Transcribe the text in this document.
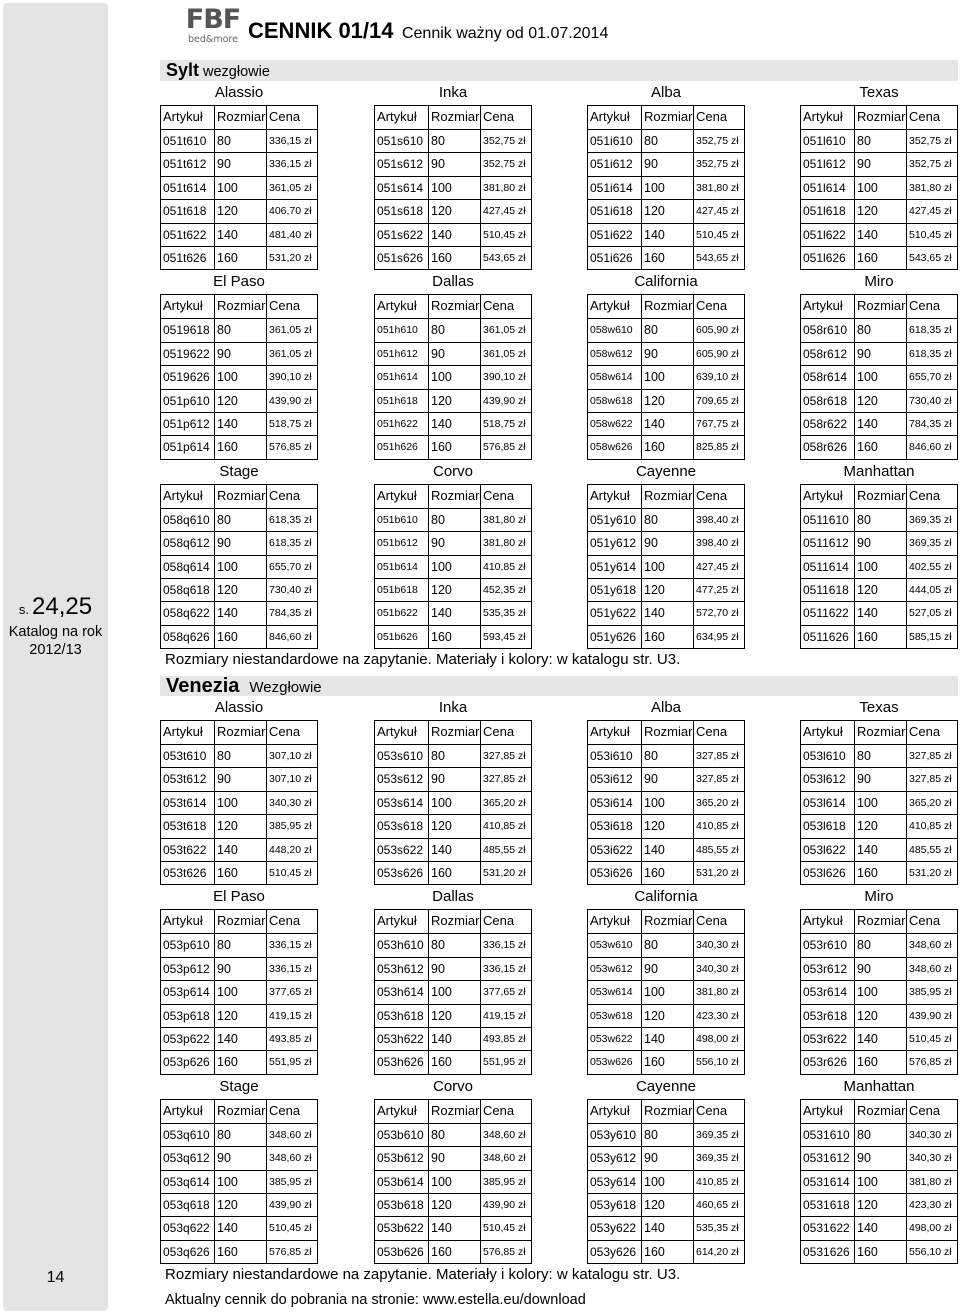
s. 24,25
Katalog na rok
2012/13
14
FBF
bed&more CENNIK 01/14 Cennik ważny od 01.07.2014
Sylt wezgłowie
Alassio
Artykuł	Rozmiar Cena
051t610 80	336,15 zł
051t612 90	336,15 zł
051t614 100	361,05 zł
051t618 120	406,70 zł
051t622 140	481,40 zł
051t626 160	531,20 zł
Inka
Artykuł	Rozmiar Cena
051s610 80	352,75 zł
051s612 90	352,75 zł
051s614 100	381,80 zł
051s618 120	427,45 zł
051s622 140	510,45 zł
051s626 160	543,65 zł
Alba
Artykuł	Rozmiar Cena
051i610 80	352,75 zł
051i612 90	352,75 zł
051i614 100	381,80 zł
051i618 120	427,45 zł
051i622 140	510,45 zł
051i626 160	543,65 zł
Texas
Artykuł	Rozmiar Cena
051l610 80	352,75 zł
051l612 90	352,75 zł
051l614 100	381,80 zł
051l618 120	427,45 zł
051l622 140	510,45 zł
051l626 160	543,65 zł
El Paso
Artykuł	Rozmiar Cena
0519618 80	361,05 zł
0519622 90	361,05 zł
0519626 100	390,10 zł
051p610 120	439,90 zł
051p612 140	518,75 zł
051p614 160	576,85 zł
Dallas
Artykuł	Rozmiar Cena
051h610	80	361,05 zł
051h612	90	361,05 zł
051h614	100	390,10 zł
051h618	120	439,90 zł
051h622	140	518,75 zł
051h626	160	576,85 zł
California
Artykuł	Rozmiar Cena
058w610 80	605,90 zł
058w612 90	605,90 zł
058w614 100	639,10 zł
058w618 120	709,65 zł
058w622 140	767,75 zł
058w626 160	825,85 zł
Miro
Artykuł	Rozmiar Cena
058r610 80	618,35 zł
058r612 90	618,35 zł
058r614 100	655,70 zł
058r618 120	730,40 zł
058r622 140	784,35 zł
058r626 160	846,60 zł
Stage
Artykuł	Rozmiar Cena
058q610 80	618,35 zł
058q612 90	618,35 zł
058q614 100	655,70 zł
058q618 120	730,40 zł
058q622 140	784,35 zł
058q626 160	846,60 zł
Corvo
Artykuł	Rozmiar Cena
051b610	80	381,80 zł
051b612	90	381,80 zł
051b614	100	410,85 zł
051b618	120	452,35 zł
051b622	140	535,35 zł
051b626	160	593,45 zł
Cayenne
Artykuł	Rozmiar Cena
051y610 80	398,40 zł
051y612 90	398,40 zł
051y614 100	427,45 zł
051y618 120	477,25 zł
051y622 140	572,70 zł
051y626 160	634,95 zł
Manhattan
Artykuł	Rozmiar Cena
0511610 80	369,35 zł
0511612 90	369,35 zł
0511614 100	402,55 zł
0511618 120	444,05 zł
0511622 140	527,05 zł
0511626 160	585,15 zł
Rozmiary niestandardowe na zapytanie. Materiały i kolory: w katalogu str. U3.
Venezia Wezgłowie
Alassio
Artykuł	Rozmiar Cena
053t610 80	307,10 zł
053t612 90	307,10 zł
053t614 100	340,30 zł
053t618 120	385,95 zł
053t622 140	448,20 zł
053t626 160	510,45 zł
Inka
Artykuł	Rozmiar Cena
053s610 80	327,85 zł
053s612 90	327,85 zł
053s614 100	365,20 zł
053s618 120	410,85 zł
053s622 140	485,55 zł
053s626 160	531,20 zł
Alba
Artykuł	Rozmiar Cena
053i610 80	327,85 zł
053i612 90	327,85 zł
053i614 100	365,20 zł
053i618 120	410,85 zł
053i622 140	485,55 zł
053i626 160	531,20 zł
Texas
Artykuł	Rozmiar Cena
053l610 80	327,85 zł
053l612 90	327,85 zł
053l614 100	365,20 zł
053l618 120	410,85 zł
053l622 140	485,55 zł
053l626 160	531,20 zł
El Paso
Artykuł	Rozmiar Cena
053p610 80	336,15 zł
053p612 90	336,15 zł
053p614 100	377,65 zł
053p618 120	419,15 zł
053p622 140	493,85 zł
053p626 160	551,95 zł
Dallas
Artykuł	Rozmiar Cena
053h610 80	336,15 zł
053h612 90	336,15 zł
053h614 100	377,65 zł
053h618 120	419,15 zł
053h622 140	493,85 zł
053h626 160	551,95 zł
California
Artykuł	Rozmiar Cena
053w610 80	340,30 zł
053w612 90	340,30 zł
053w614 100	381,80 zł
053w618 120	423,30 zł
053w622 140	498,00 zł
053w626 160	556,10 zł
Miro
Artykuł	Rozmiar Cena
053r610 80	348,60 zł
053r612 90	348,60 zł
053r614 100	385,95 zł
053r618 120	439,90 zł
053r622 140	510,45 zł
053r626 160	576,85 zł
Stage
Artykuł	Rozmiar Cena
053q610 80	348,60 zł
053q612 90	348,60 zł
053q614 100	385,95 zł
053q618 120	439,90 zł
053q622 140	510,45 zł
053q626 160	576,85 zł
Corvo
Artykuł	Rozmiar Cena
053b610 80	348,60 zł
053b612 90	348,60 zł
053b614 100	385,95 zł
053b618 120	439,90 zł
053b622 140	510,45 zł
053b626 160	576,85 zł
Cayenne
Artykuł	Rozmiar Cena
053y610 80	369,35 zł
053y612 90	369,35 zł
053y614 100	410,85 zł
053y618 120	460,65 zł
053y622 140	535,35 zł
053y626 160	614,20 zł
Manhattan
Artykuł	Rozmiar Cena
0531610 80	340,30 zł
0531612 90	340,30 zł
0531614 100	381,80 zł
0531618 120	423,30 zł
0531622 140	498,00 zł
0531626 160	556,10 zł
Rozmiary niestandardowe na zapytanie. Materiały i kolory: w katalogu str. U3.
Aktualny cennik do pobrania na stronie: www.estella.eu/download
